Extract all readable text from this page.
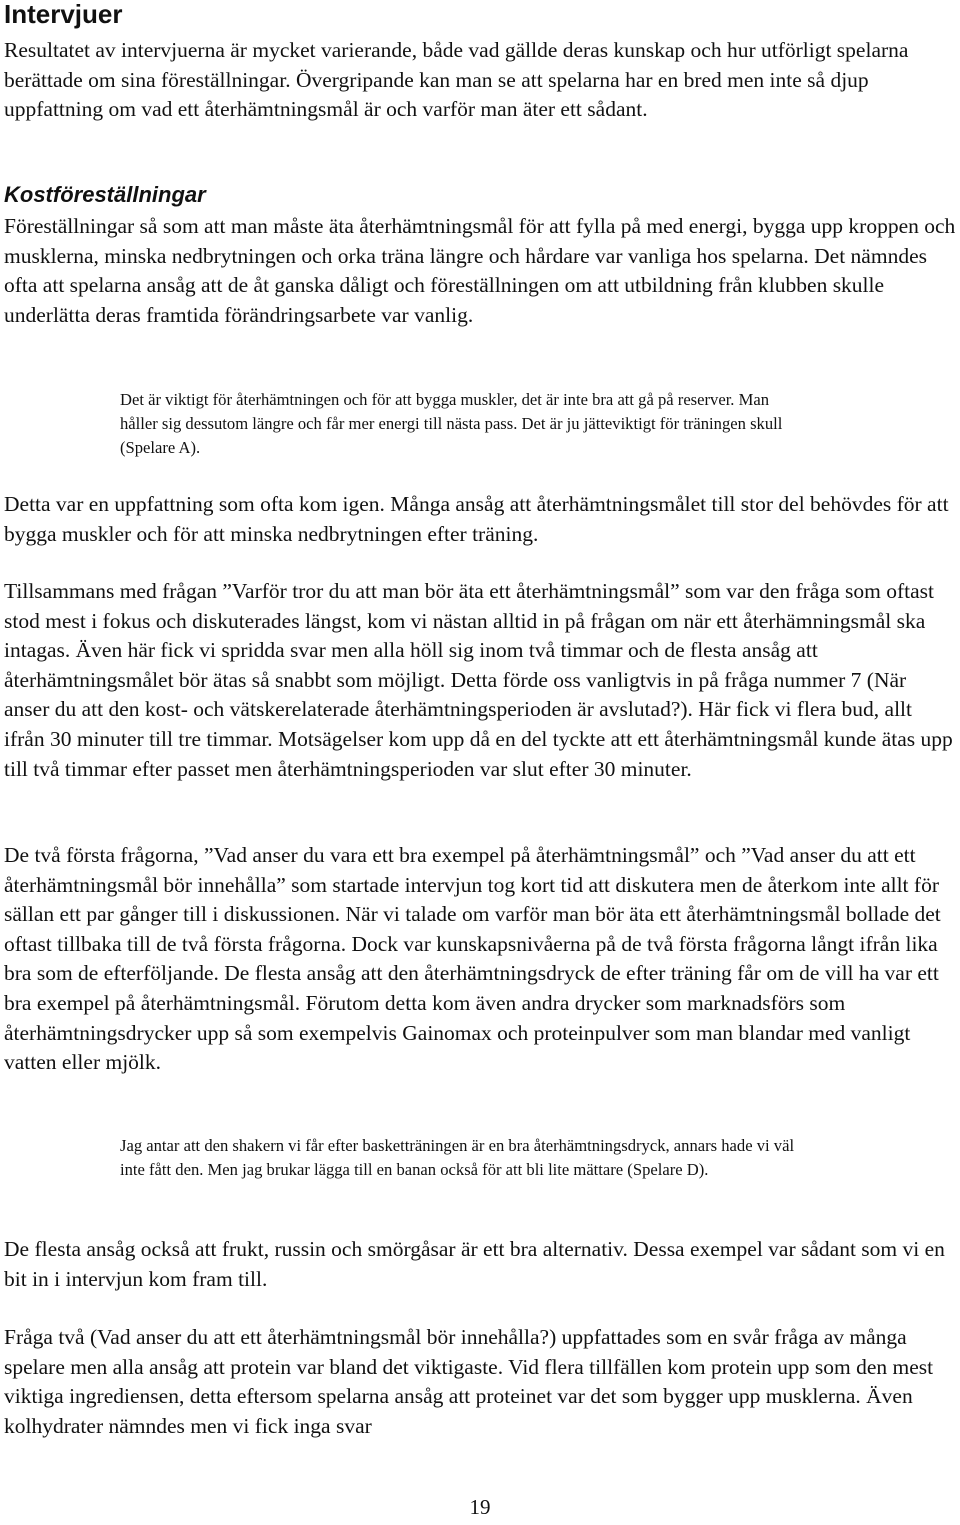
Intervjuer

Resultatet av intervjuerna är mycket varierande, både vad gällde deras kunskap och hur utförligt spelarna berättade om sina föreställningar. Övergripande kan man se att spelarna har en bred men inte så djup uppfattning om vad ett återhämtningsmål är och varför man äter ett sådant.

Kostföreställningar

Föreställningar så som att man måste äta återhämtningsmål för att fylla på med energi, bygga upp kroppen och musklerna, minska nedbrytningen och orka träna längre och hårdare var vanliga hos spelarna. Det nämndes ofta att spelarna ansåg att de åt ganska dåligt och föreställningen om att utbildning från klubben skulle underlätta deras framtida förändringsarbete var vanlig.

Det är viktigt för återhämtningen och för att bygga muskler, det är inte bra att gå på reserver. Man håller sig dessutom längre och får mer energi till nästa pass. Det är ju jätteviktigt för träningen skull (Spelare A).

Detta var en uppfattning som ofta kom igen. Många ansåg att återhämtningsmålet till stor del behövdes för att bygga muskler och för att minska nedbrytningen efter träning.

Tillsammans med frågan ”Varför tror du att man bör äta ett återhämtningsmål” som var den fråga som oftast stod mest i fokus och diskuterades längst, kom vi nästan alltid in på frågan om när ett återhämningsmål ska intagas. Även här fick vi spridda svar men alla höll sig inom två timmar och de flesta ansåg att återhämtningsmålet bör ätas så snabbt som möjligt. Detta förde oss vanligtvis in på fråga nummer 7 (När anser du att den kost- och vätskerelaterade återhämtningsperioden är avslutad?). Här fick vi flera bud, allt ifrån 30 minuter till tre timmar. Motsägelser kom upp då en del tyckte att ett återhämtningsmål kunde ätas upp till två timmar efter passet men återhämtningsperioden var slut efter 30 minuter.

De två första frågorna, ”Vad anser du vara ett bra exempel på återhämtningsmål” och ”Vad anser du att ett återhämtningsmål bör innehålla” som startade intervjun tog kort tid att diskutera men de återkom inte allt för sällan ett par gånger till i diskussionen. När vi talade om varför man bör äta ett återhämtningsmål bollade det oftast tillbaka till de två första frågorna. Dock var kunskapsnivåerna på de två första frågorna långt ifrån lika bra som de efterföljande. De flesta ansåg att den återhämtningsdryck de efter träning får om de vill ha var ett bra exempel på återhämtningsmål. Förutom detta kom även andra drycker som marknadsförs som återhämtningsdrycker upp så som exempelvis Gainomax och proteinpulver som man blandar med vanligt vatten eller mjölk.

Jag antar att den shakern vi får efter basketträningen är en bra återhämtningsdryck, annars hade vi väl inte fått den. Men jag brukar lägga till en banan också för att bli lite mättare (Spelare D).

De flesta ansåg också att frukt, russin och smörgåsar är ett bra alternativ. Dessa exempel var sådant som vi en bit in i intervjun kom fram till.

Fråga två (Vad anser du att ett återhämtningsmål bör innehålla?) uppfattades som en svår fråga av många spelare men alla ansåg att protein var bland det viktigaste. Vid flera tillfällen kom protein upp som den mest viktiga ingrediensen, detta eftersom spelarna ansåg att proteinet var det som bygger upp musklerna. Även kolhydrater nämndes men vi fick inga svar

19
